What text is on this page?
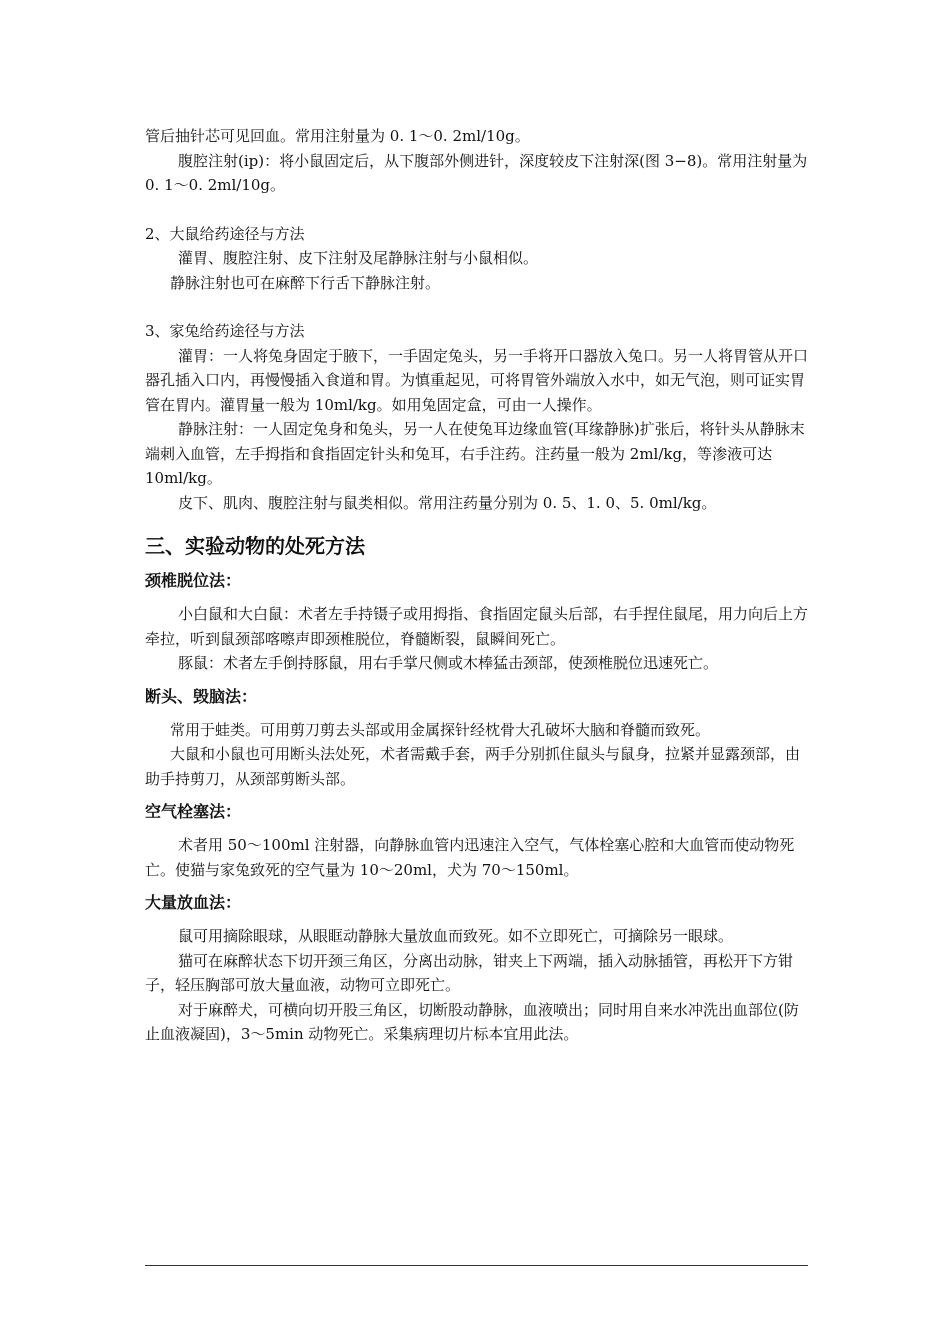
管后抽针芯可见回血。常用注射量为 0. 1～0. 2ml/10g。

腹腔注射(ip)：将小鼠固定后，从下腹部外侧进针，深度较皮下注射深(图 3−8)。常用注射量为 0. 1～0. 2ml/10g。

2、大鼠给药途径与方法

灌胃、腹腔注射、皮下注射及尾静脉注射与小鼠相似。

静脉注射也可在麻醉下行舌下静脉注射。

3、家兔给药途径与方法

灌胃：一人将兔身固定于腋下，一手固定兔头，另一手将开口器放入兔口。另一人将胃管从开口器孔插入口内，再慢慢插入食道和胃。为慎重起见，可将胃管外端放入水中，如无气泡，则可证实胃管在胃内。灌胃量一般为 10ml/kg。如用兔固定盒，可由一人操作。

静脉注射：一人固定兔身和兔头，另一人在使兔耳边缘血管(耳缘静脉)扩张后，将针头从静脉末端刺入血管，左手拇指和食指固定针头和兔耳，右手注药。注药量一般为 2ml/kg，等渗液可达 10ml/kg。

皮下、肌肉、腹腔注射与鼠类相似。常用注药量分别为 0. 5、1. 0、5. 0ml/kg。

三、实验动物的处死方法
颈椎脱位法：

小白鼠和大白鼠：术者左手持镊子或用拇指、食指固定鼠头后部，右手捏住鼠尾，用力向后上方牵拉，听到鼠颈部喀嚓声即颈椎脱位，脊髓断裂，鼠瞬间死亡。

豚鼠：术者左手倒持豚鼠，用右手掌尺侧或木棒猛击颈部，使颈椎脱位迅速死亡。

断头、毁脑法：

常用于蛙类。可用剪刀剪去头部或用金属探针经枕骨大孔破坏大脑和脊髓而致死。

大鼠和小鼠也可用断头法处死，术者需戴手套，两手分别抓住鼠头与鼠身，拉紧并显露颈部，由助手持剪刀，从颈部剪断头部。

空气栓塞法：

术者用 50～100ml 注射器，向静脉血管内迅速注入空气，气体栓塞心腔和大血管而使动物死亡。使猫与家兔致死的空气量为 10～20ml，犬为 70～150ml。

大量放血法：

鼠可用摘除眼球，从眼眶动静脉大量放血而致死。如不立即死亡，可摘除另一眼球。

猫可在麻醉状态下切开颈三角区，分离出动脉，钳夹上下两端，插入动脉插管，再松开下方钳子，轻压胸部可放大量血液，动物可立即死亡。

对于麻醉犬，可横向切开股三角区，切断股动静脉，血液喷出；同时用自来水冲洗出血部位(防止血液凝固)，3～5min 动物死亡。采集病理切片标本宜用此法。
